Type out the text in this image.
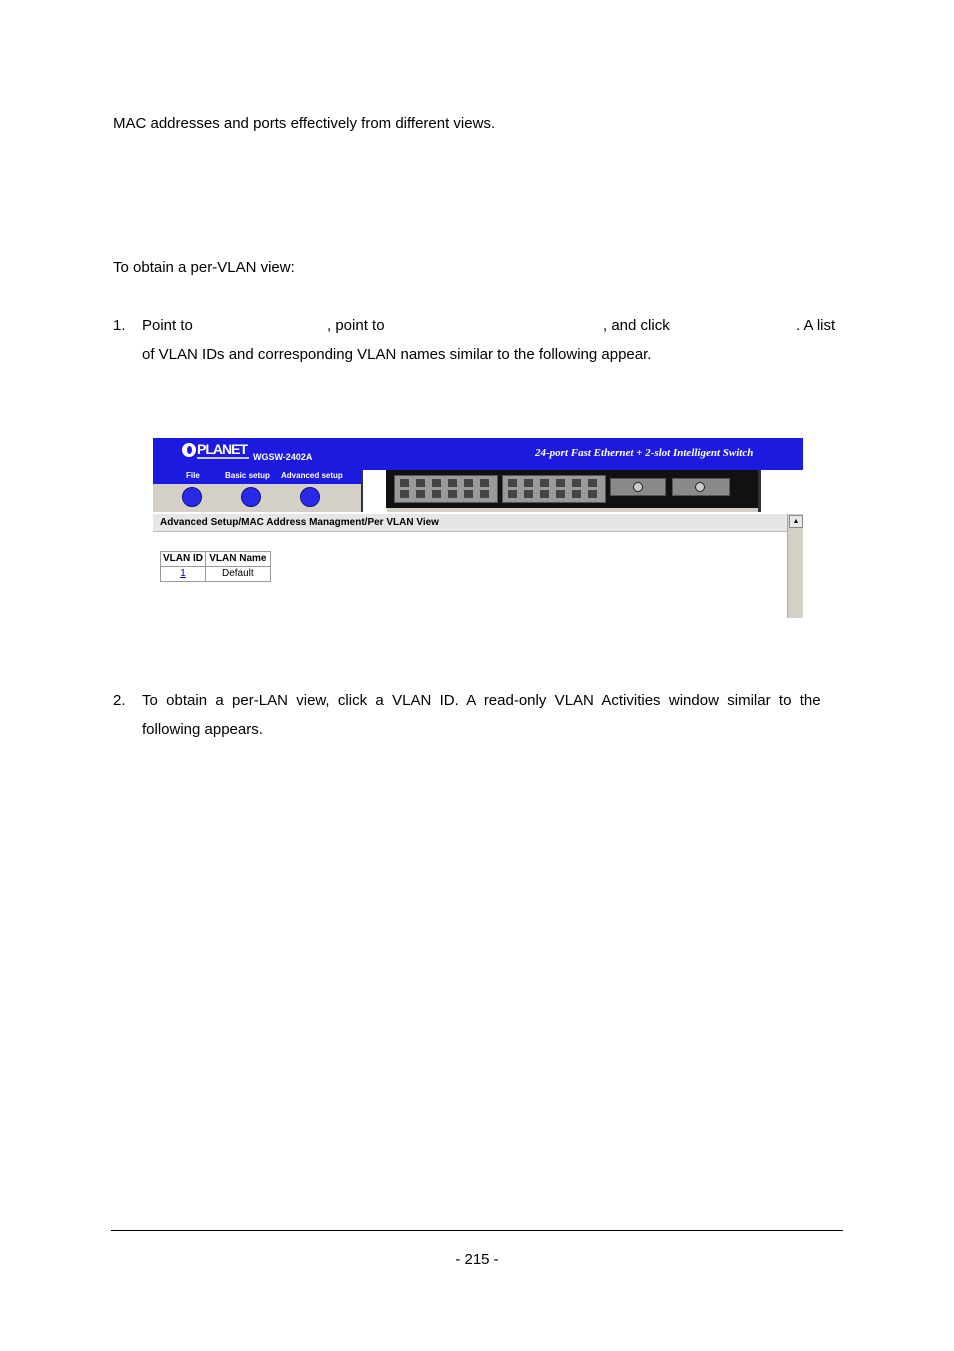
MAC addresses and ports effectively from different views.
To obtain a per-VLAN view:
1. Point to	, point to	, and click	. A list
of VLAN IDs and corresponding VLAN names similar to the following appear.
PLANET WGSW-2402A	24-port Fast Ethernet + 2-slot Intelligent Switch
File	Basic setup Advanced setup
Advanced Setup/MAC Address Managment/Per VLAN View	▲
VLAN ID	VLAN Name
1	Default
2. To  obtain  a  per-LAN  view,  click  a  VLAN  ID.  A  read-only  VLAN  Activities  window  similar  to  the
following appears.
- 215 -
